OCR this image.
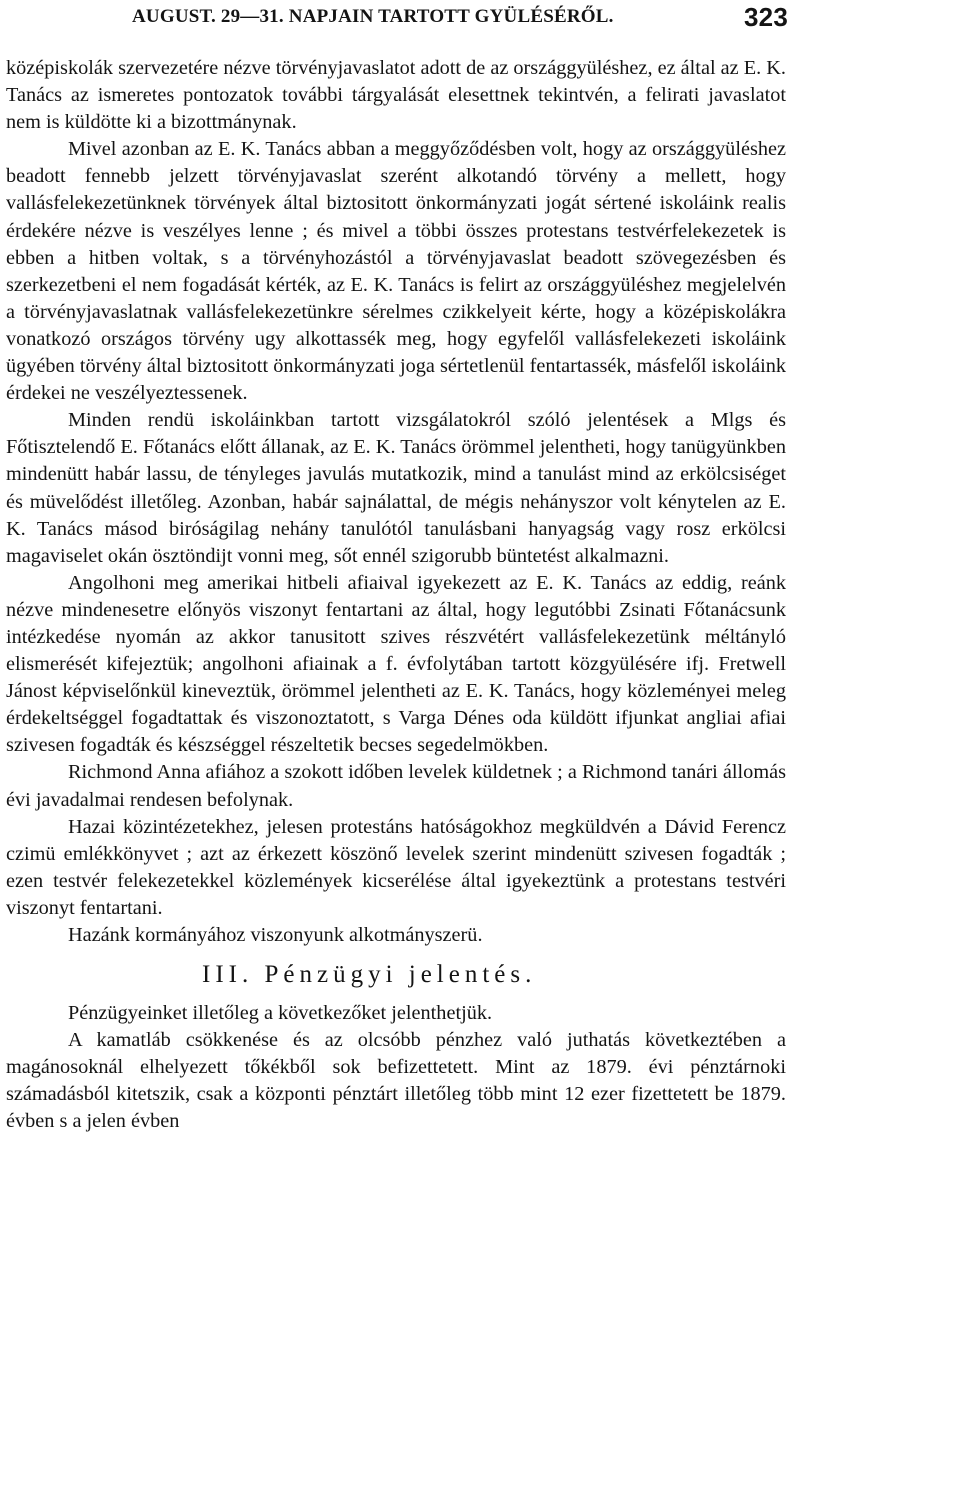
AUGUST. 29—31. NAPJAIN TARTOTT GYÜLÉSÉRŐL.	323

középiskolák szervezetére nézve törvényjavaslatot adott de az országgyüléshez, ez által az E. K. Tanács az ismeretes pontozatok további tárgyalását elesettnek tekintvén, a felirati javaslatot nem is küldötte ki a bizottmánynak.

Mivel azonban az E. K. Tanács abban a meggyőződésben volt, hogy az országgyüléshez beadott fennebb jelzett törvényjavaslat szerént alkotandó törvény a mellett, hogy vallásfelekezetünknek törvények által biztositott önkormányzati jogát sértené iskoláink realis érdekére nézve is veszélyes lenne ; és mivel a többi összes protestans testvérfelekezetek is ebben a hitben voltak, s a törvényhozástól a törvényjavaslat beadott szövegezésben és szerkezetbeni el nem fogadását kérték, az E. K. Tanács is felirt az országgyüléshez megjelelvén a törvényjavaslatnak vallásfelekezetünkre sérelmes czikkelyeit kérte, hogy a középiskolákra vonatkozó országos törvény ugy alkottassék meg, hogy egyfelől vallásfelekezeti iskoláink ügyében törvény által biztositott önkormányzati joga sértetlenül fentartassék, másfelől iskoláink érdekei ne veszélyeztessenek.

Minden rendü iskoláinkban tartott vizsgálatokról szóló jelentések a Mlgs és Főtisztelendő E. Főtanács előtt állanak, az E. K. Tanács örömmel jelentheti, hogy tanügyünkben mindenütt habár lassu, de tényleges javulás mutatkozik, mind a tanulást mind az erkölcsiséget és müvelődést illetőleg. Azonban, habár sajnálattal, de mégis nehányszor volt kénytelen az E. K. Tanács másod biróságilag nehány tanulótól tanulásbani hanyagság vagy rosz erkölcsi magaviselet okán ösztöndijt vonni meg, sőt ennél szigorubb büntetést alkalmazni.

Angolhoni meg amerikai hitbeli afiaival igyekezett az E. K. Tanács az eddig, reánk nézve mindenesetre előnyös viszonyt fentartani az által, hogy legutóbbi Zsinati Főtanácsunk intézkedése nyomán az akkor tanusitott szives részvétért vallásfelekezetünk méltányló elismerését kifejeztük; angolhoni afiainak a f. évfolytában tartott közgyülésére ifj. Fretwell Jánost képviselőnkül kineveztük, örömmel jelentheti az E. K. Tanács, hogy közleményei meleg érdekeltséggel fogadtattak és viszonoztatott, s Varga Dénes oda küldött ifjunkat angliai afiai szivesen fogadták és készséggel részeltetik becses segedelmökben.

Richmond Anna afiához a szokott időben levelek küldetnek ; a Richmond tanári állomás évi javadalmai rendesen befolynak.

Hazai közintézetekhez, jelesen protestáns hatóságokhoz megküldvén a Dávid Ferencz czimü emlékkönyvet ; azt az érkezett köszönő levelek szerint mindenütt szivesen fogadták ; ezen testvér felekezetekkel közlemények kicserélése által igyekeztünk a protestans testvéri viszonyt fentartani.

Hazánk kormányához viszonyunk alkotmányszerü.

III. Pénzügyi jelentés.

Pénzügyeinket illetőleg a következőket jelenthetjük.

A kamatláb csökkenése és az olcsóbb pénzhez való juthatás következtében a magánosoknál elhelyezett tőkékből sok befizettetett. Mint az 1879. évi pénztárnoki számadásból kitetszik, csak a központi pénztárt illetőleg több mint 12 ezer fizettetett be 1879. évben s a jelen évben
